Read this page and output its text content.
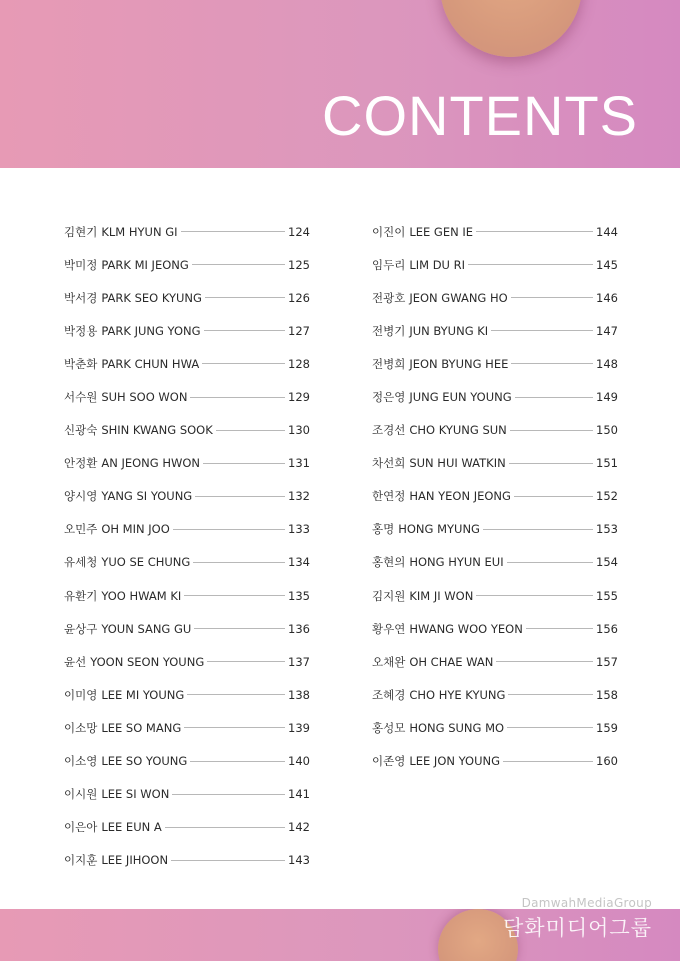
CONTENTS
김현기 KLM HYUN GI	124
박미정 PARK MI JEONG	125
박서경 PARK SEO KYUNG	126
박정용 PARK JUNG YONG	127
박춘화 PARK CHUN HWA	128
서수원 SUH SOO WON	129
신광숙 SHIN KWANG SOOK	130
안정환 AN JEONG HWON	131
양시영 YANG SI YOUNG	132
오민주 OH MIN JOO	133
유세청 YUO SE CHUNG	134
유환기 YOO HWAM KI	135
윤상구 YOUN SANG GU	136
윤선 YOON SEON YOUNG	137
이미영 LEE MI YOUNG	138
이소망 LEE SO MANG	139
이소영 LEE SO YOUNG	140
이시원 LEE SI WON	141
이은아 LEE EUN A	142
이지훈 LEE JIHOON	143
이진이 LEE GEN IE	144
임두리 LIM DU RI	145
전광호 JEON GWANG HO	146
전병기 JUN BYUNG KI	147
전병희 JEON BYUNG HEE	148
정은영 JUNG EUN YOUNG	149
조경선 CHO KYUNG SUN	150
차선희 SUN HUI WATKIN	151
한연정 HAN YEON JEONG	152
홍명 HONG MYUNG	153
홍현의 HONG HYUN EUI	154
김지원 KIM JI WON	155
황우연 HWANG WOO YEON	156
오채완 OH CHAE WAN	157
조혜경 CHO HYE KYUNG	158
홍성모 HONG SUNG MO	159
이존영 LEE JON YOUNG	160
DamwahMediaGroup
담화미디어그룹
